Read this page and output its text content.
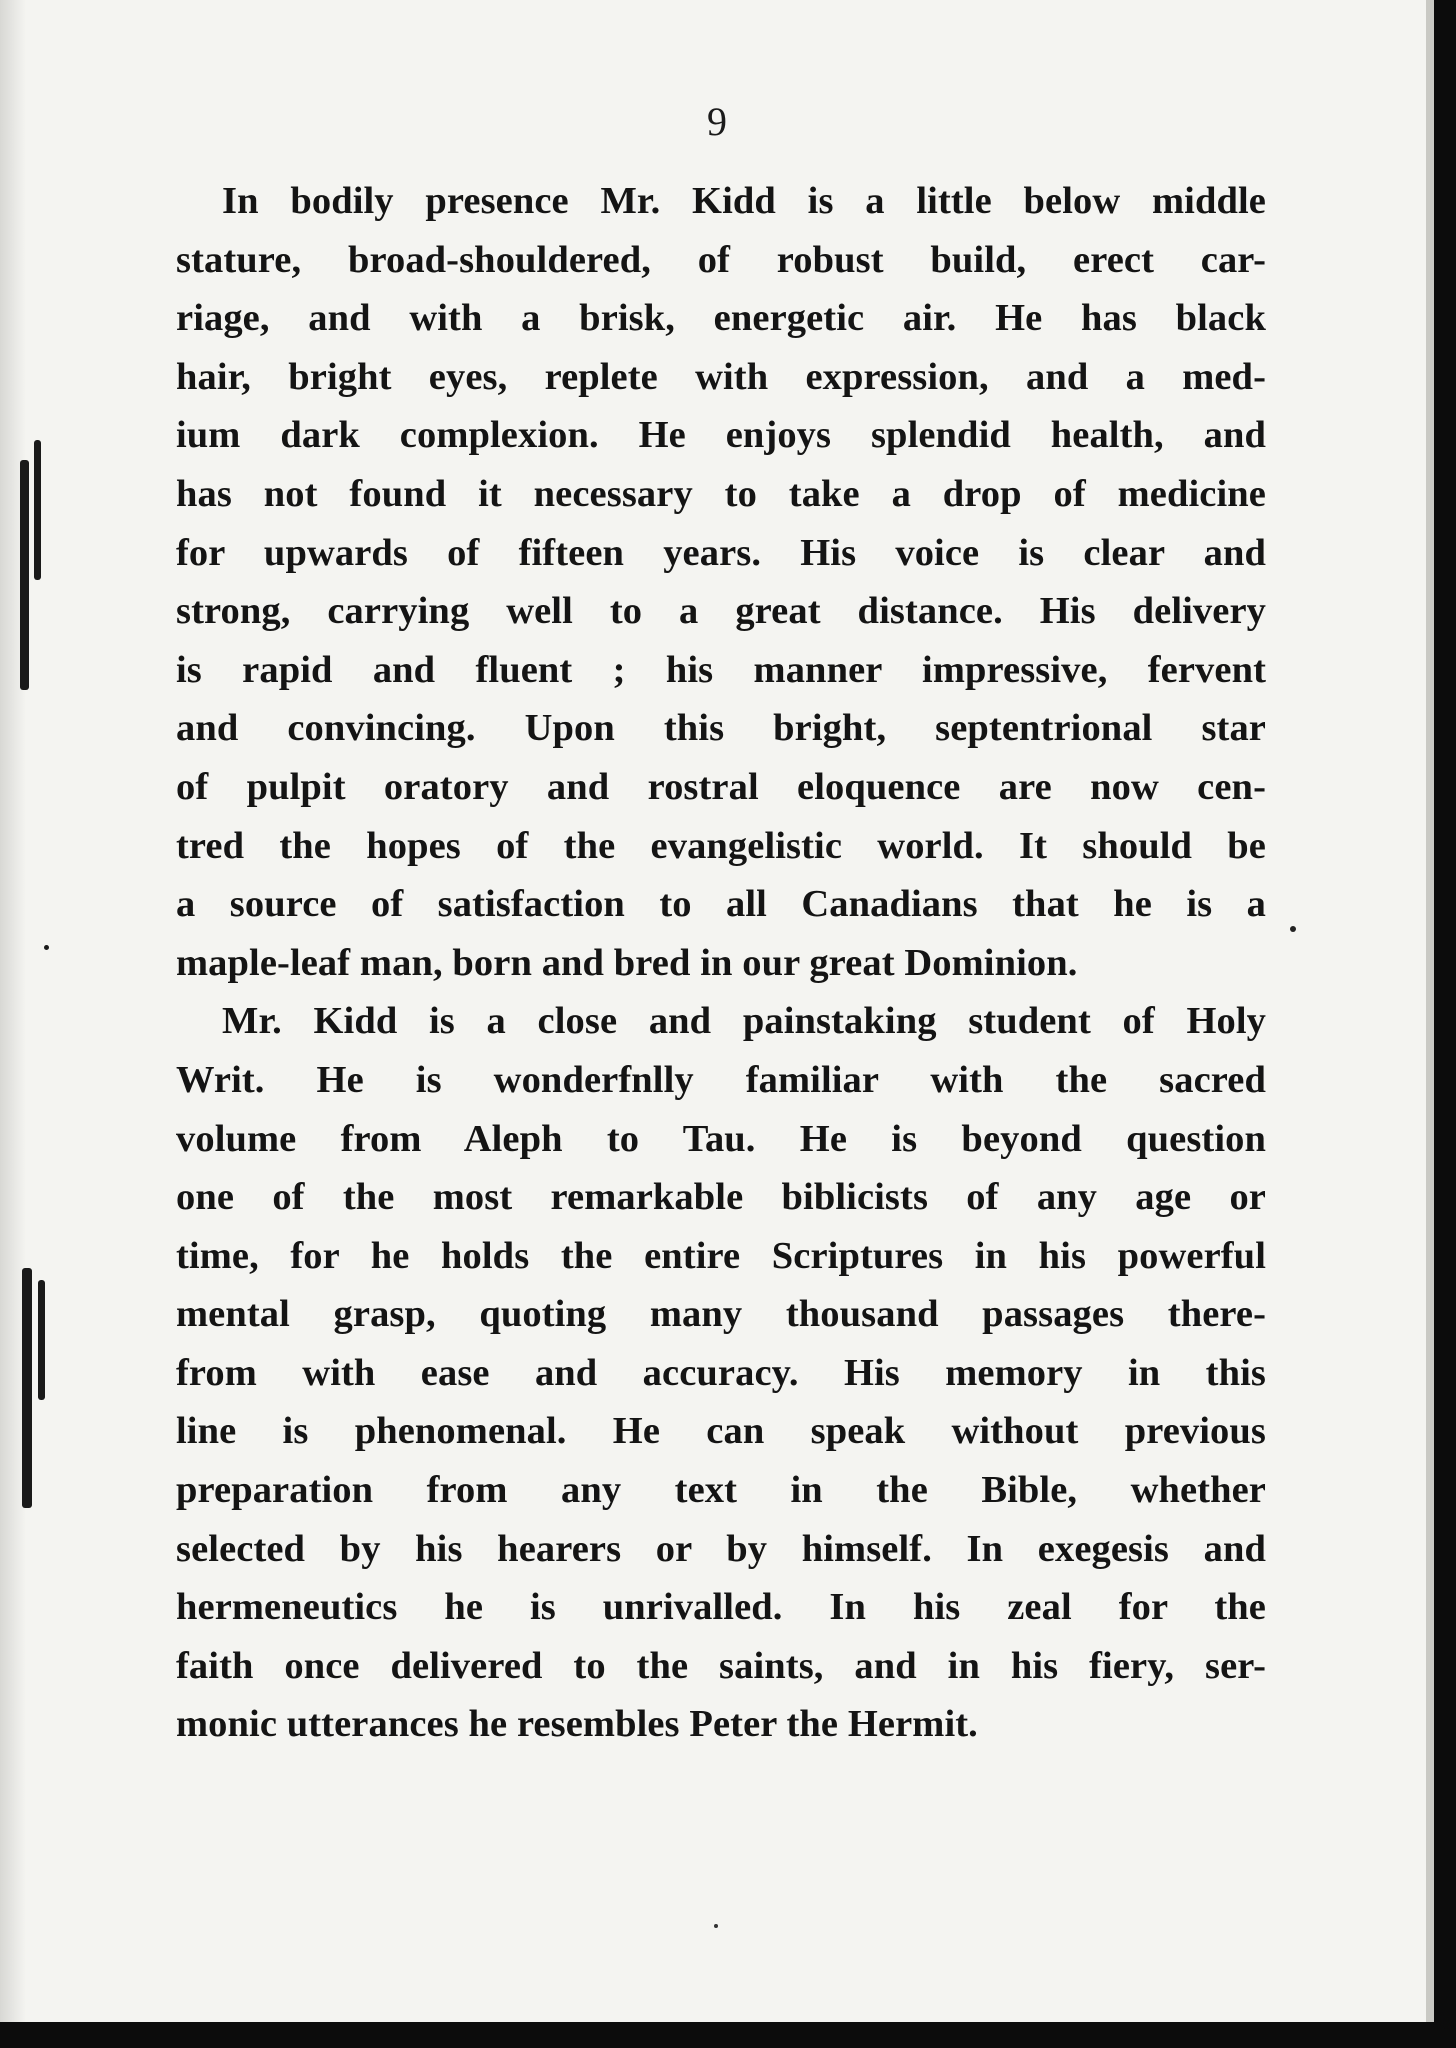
9
In bodily presence Mr. Kidd is a little below middle
stature, broad-shouldered, of robust build, erect car-
riage, and with a brisk, energetic air. He has black
hair, bright eyes, replete with expression, and a med-
ium dark complexion. He enjoys splendid health, and
has not found it necessary to take a drop of medicine
for upwards of fifteen years. His voice is clear and
strong, carrying well to a great distance. His delivery
is rapid and fluent ; his manner impressive, fervent
and convincing. Upon this bright, septentrional star
of pulpit oratory and rostral eloquence are now cen-
tred the hopes of the evangelistic world. It should be
a source of satisfaction to all Canadians that he is a
maple-leaf man, born and bred in our great Dominion.
Mr. Kidd is a close and painstaking student of Holy
Writ. He is wonderfnlly familiar with the sacred
volume from Aleph to Tau. He is beyond question
one of the most remarkable biblicists of any age or
time, for he holds the entire Scriptures in his powerful
mental grasp, quoting many thousand passages there-
from with ease and accuracy. His memory in this
line is phenomenal. He can speak without previous
preparation from any text in the Bible, whether
selected by his hearers or by himself. In exegesis and
hermeneutics he is unrivalled. In his zeal for the
faith once delivered to the saints, and in his fiery, ser-
monic utterances he resembles Peter the Hermit.
